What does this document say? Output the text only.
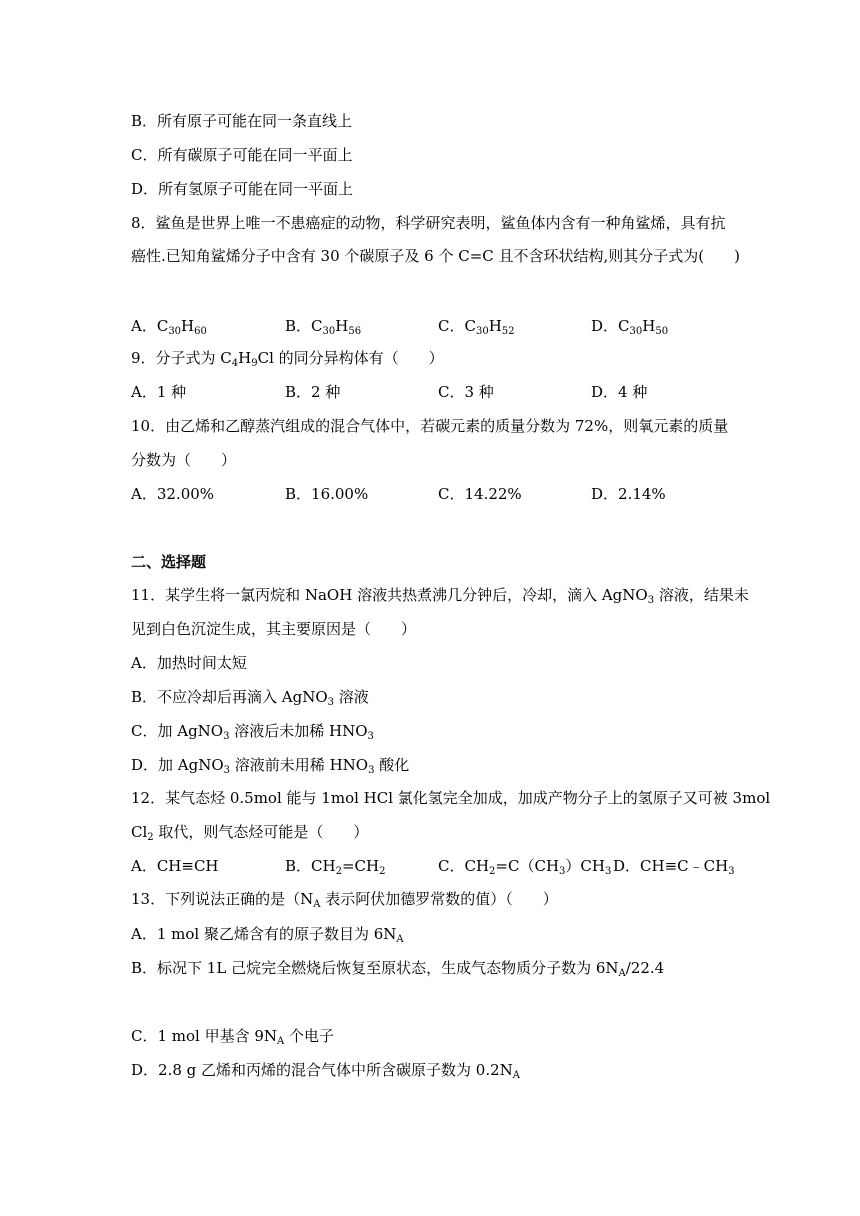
B．所有原子可能在同一条直线上
C．所有碳原子可能在同一平面上
D．所有氢原子可能在同一平面上
8．鲨鱼是世界上唯一不患癌症的动物，科学研究表明，鲨鱼体内含有一种角鲨烯，具有抗
癌性.已知角鲨烯分子中含有 30 个碳原子及 6 个 C=C 且不含环状结构,则其分子式为(　　)
A．$C_{30}H_{60}$	B．$C_{30}H_{56}$	C．$C_{30}H_{52}$	D．$C_{30}H_{50}$
9．分子式为 $C_4H_9Cl$ 的同分异构体有（　　）
A．1 种	B．2 种	C．3 种	D．4 种
10．由乙烯和乙醇蒸汽组成的混合气体中，若碳元素的质量分数为 72%，则氧元素的质量
分数为（　　）
A．32.00%	B．16.00%	C．14.22%	D．2.14%
二、选择题
11．某学生将一氯丙烷和 NaOH 溶液共热煮沸几分钟后，冷却，滴入 AgNO$_3$ 溶液，结果未
见到白色沉淀生成，其主要原因是（　　）
A．加热时间太短
B．不应冷却后再滴入 AgNO$_3$ 溶液
C．加 AgNO$_3$ 溶液后未加稀 $HNO_3$
D．加 AgNO$_3$ 溶液前未用稀 $HNO_3$ 酸化
12．某气态烃 0.5mol 能与 1mol HCl 氯化氢完全加成，加成产物分子上的氢原子又可被 3mol
$Cl_2$ 取代，则气态烃可能是（　　）
A．CH≡CH	B．$CH_2=CH_2$	C．$CH_2=C(CH_3)CH_3$ D．$CH\equiv C﹣CH_3$
13．下列说法正确的是（$N_A$ 表示阿伏加德罗常数的值）（　　）
A．1 mol 聚乙烯含有的原子数目为 $6N_A$
B．标况下 1L 己烷完全燃烧后恢复至原状态，生成气态物质分子数为 $6N_A/22.4$
C．1 mol 甲基含 $9N_A$ 个电子
D．2.8 g 乙烯和丙烯的混合气体中所含碳原子数为 $0.2N_A$
